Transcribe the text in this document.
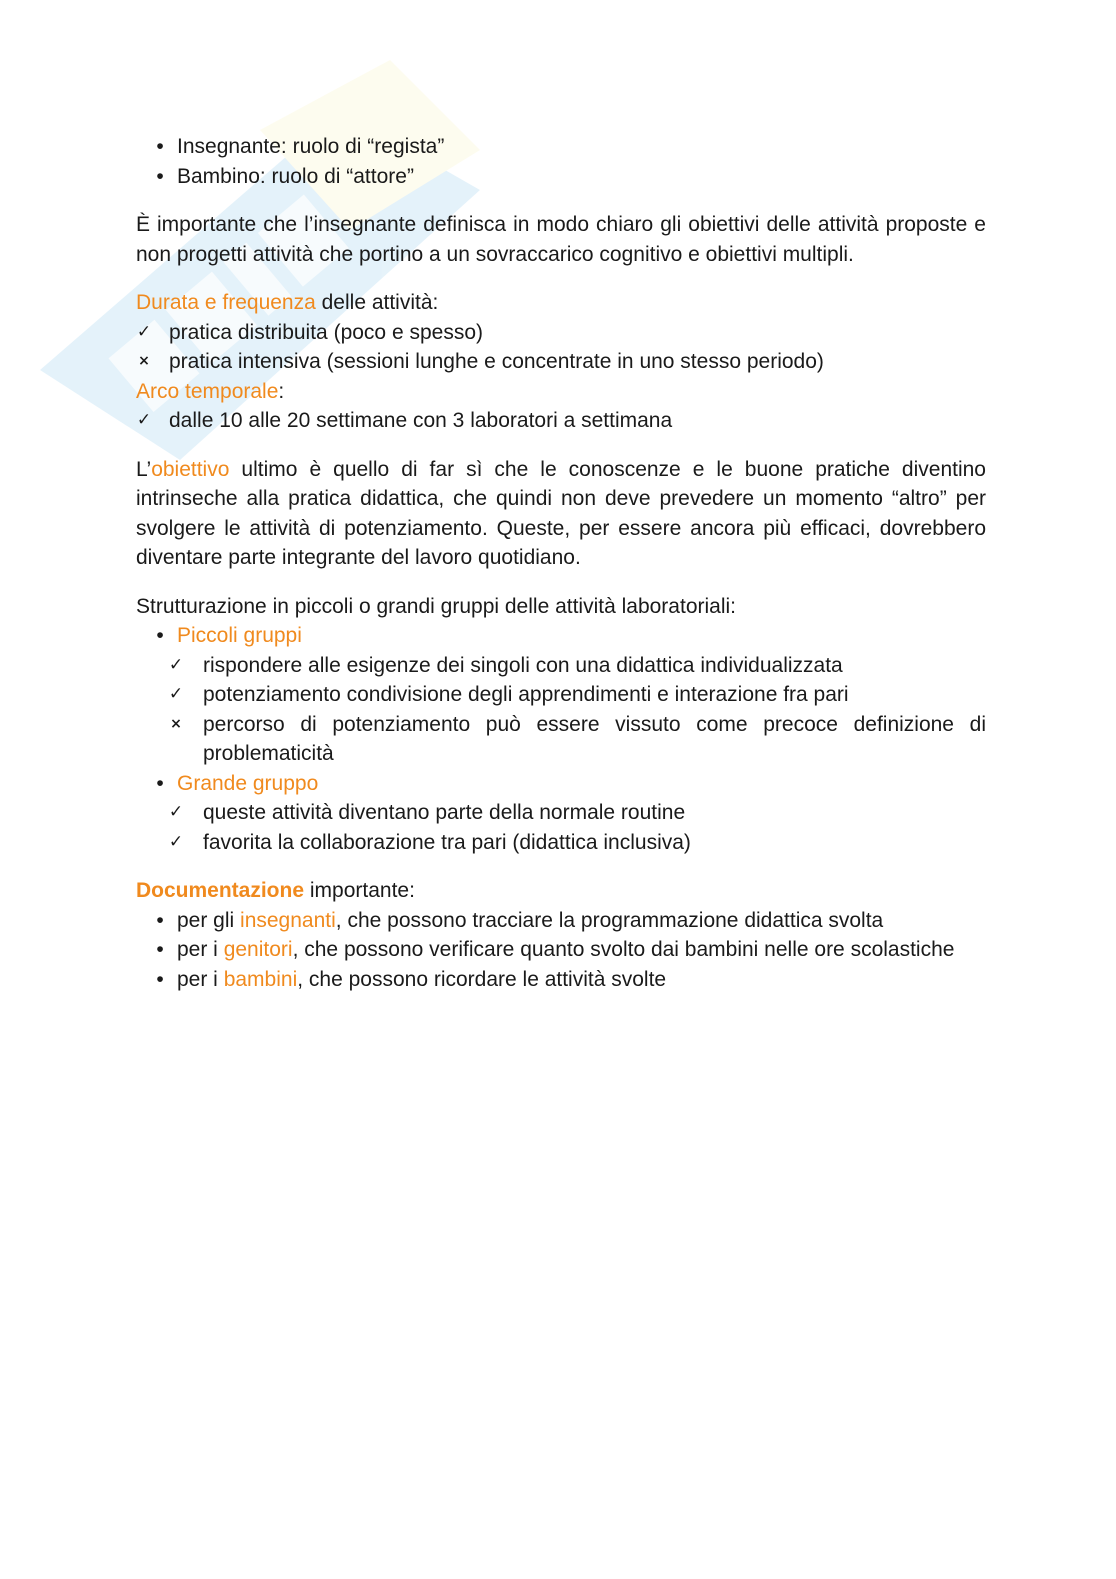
• Insegnante: ruolo di “regista”
• Bambino: ruolo di “attore”

È importante che l’insegnante definisca in modo chiaro gli obiettivi delle attività proposte e non progetti attività che portino a un sovraccarico cognitivo e obiettivi multipli.

Durata e frequenza delle attività:

✓ pratica distribuita (poco e spesso)
× pratica intensiva (sessioni lunghe e concentrate in uno stesso periodo)

Arco temporale:

✓ dalle 10 alle 20 settimane con 3 laboratori a settimana

L’obiettivo ultimo è quello di far sì che le conoscenze e le buone pratiche diventino intrinseche alla pratica didattica, che quindi non deve prevedere un momento “altro” per svolgere le attività di potenziamento. Queste, per essere ancora più efficaci, dovrebbero diventare parte integrante del lavoro quotidiano.

Strutturazione in piccoli o grandi gruppi delle attività laboratoriali:

• Piccoli gruppi
✓ rispondere alle esigenze dei singoli con una didattica individualizzata
✓ potenziamento condivisione degli apprendimenti e interazione fra pari
× percorso di potenziamento può essere vissuto come precoce definizione di problematicità
• Grande gruppo
✓ queste attività diventano parte della normale routine
✓ favorita la collaborazione tra pari (didattica inclusiva)

Documentazione importante:

• per gli insegnanti, che possono tracciare la programmazione didattica svolta
• per i genitori, che possono verificare quanto svolto dai bambini nelle ore scolastiche
• per i bambini, che possono ricordare le attività svolte
